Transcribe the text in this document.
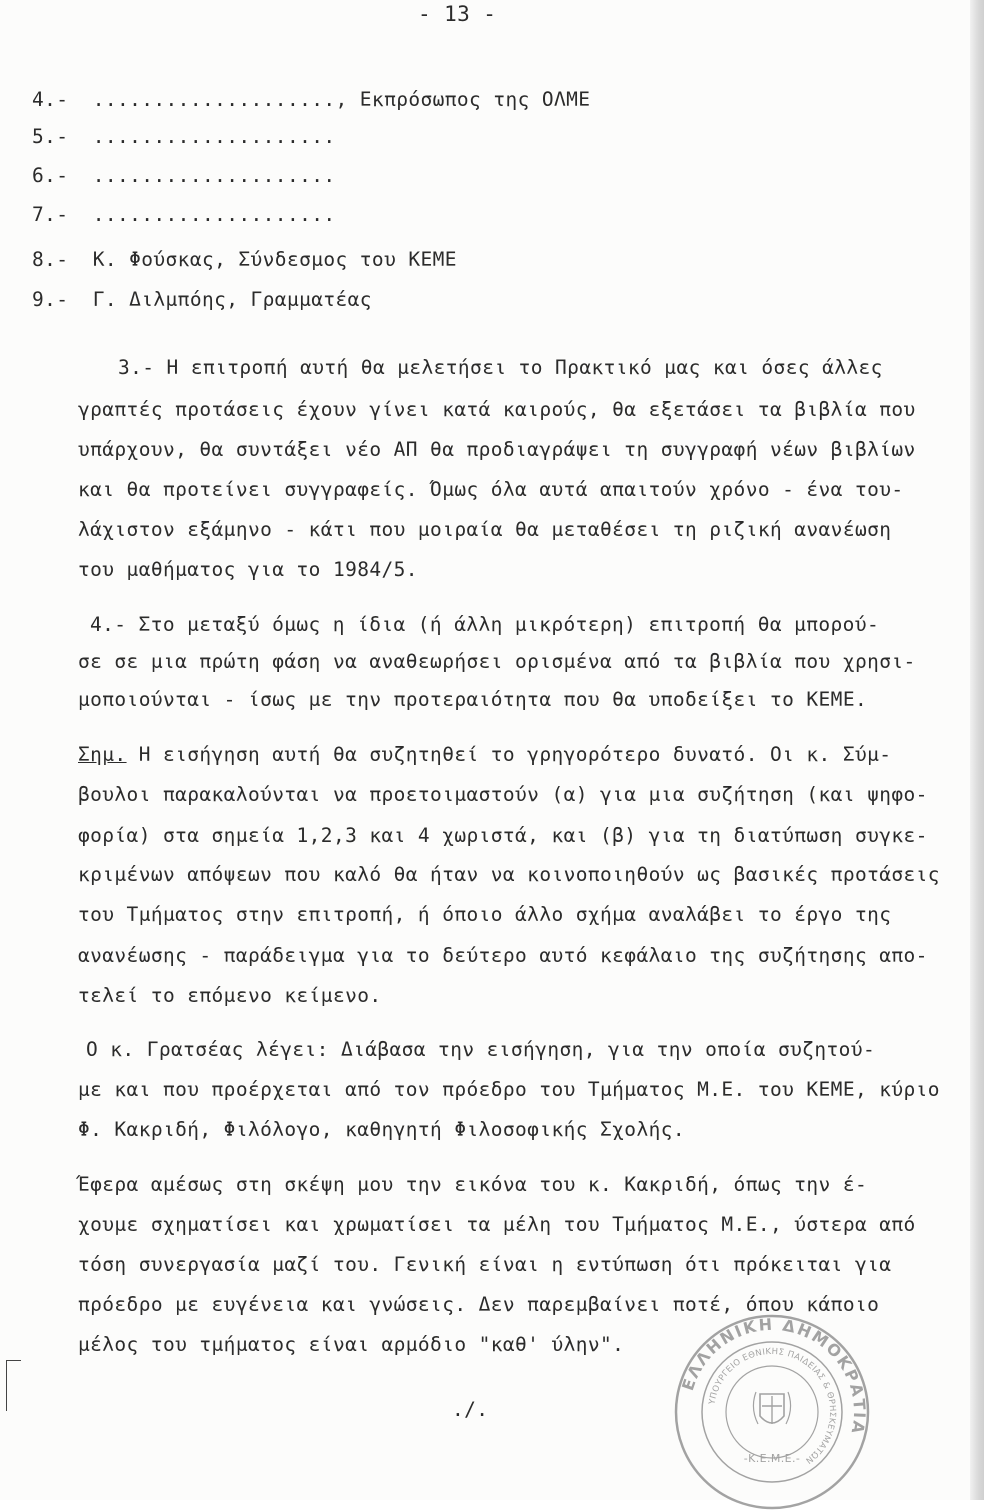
- 13 -
4.- ...................., Εκπρόσωπος της ΟΛΜΕ
5.- ....................
6.- ....................
7.- ....................
8.- Κ. Φούσκας, Σύνδεσμος του ΚΕΜΕ
9.- Γ. Διλμπόης, Γραμματέας
3.- Η επιτροπή αυτή θα μελετήσει το Πρακτικό μας και όσες άλλες
γραπτές προτάσεις έχουν γίνει κατά καιρούς, θα εξετάσει τα βιβλία που
υπάρχουν, θα συντάξει νέο ΑΠ θα προδιαγράψει τη συγγραφή νέων βιβλίων
και θα προτείνει συγγραφείς. Όμως όλα αυτά απαιτούν χρόνο - ένα του-
λάχιστον εξάμηνο - κάτι που μοιραία θα μεταθέσει τη ριζική ανανέωση
του μαθήματος για το 1984/5.
4.- Στο μεταξύ όμως η ίδια (ή άλλη μικρότερη) επιτροπή θα μπορού-
σε σε μια πρώτη φάση να αναθεωρήσει ορισμένα από τα βιβλία που χρησι-
μοποιούνται - ίσως με την προτεραιότητα που θα υποδείξει το ΚΕΜΕ.
Σημ. Η εισήγηση αυτή θα συζητηθεί το γρηγορότερο δυνατό. Οι κ. Σύμ-
βουλοι παρακαλούνται να προετοιμαστούν (α) για μια συζήτηση (και ψηφο-
φορία) στα σημεία 1,2,3 και 4 χωριστά, και (β) για τη διατύπωση συγκε-
κριμένων απόψεων που καλό θα ήταν να κοινοποιηθούν ως βασικές προτάσεις
του Τμήματος στην επιτροπή, ή όποιο άλλο σχήμα αναλάβει το έργο της
ανανέωσης - παράδειγμα για το δεύτερο αυτό κεφάλαιο της συζήτησης απο-
τελεί το επόμενο κείμενο.
Ο κ. Γρατσέας λέγει: Διάβασα την εισήγηση, για την οποία συζητού-
με και που προέρχεται από τον πρόεδρο του Τμήματος Μ.Ε. του ΚΕΜΕ, κύριο
Φ. Κακριδή, Φιλόλογο, καθηγητή Φιλοσοφικής Σχολής.
Έφερα αμέσως στη σκέψη μου την εικόνα του κ. Κακριδή, όπως την έ-
χουμε σχηματίσει και χρωματίσει τα μέλη του Τμήματος Μ.Ε., ύστερα από
τόση συνεργασία μαζί του. Γενική είναι η εντύπωση ότι πρόκειται για
πρόεδρο με ευγένεια και γνώσεις. Δεν παρεμβαίνει ποτέ, όπου κάποιο
μέλος του τμήματος είναι αρμόδιο "καθ' ύλην".
./.
ΕΛΛΗΝΙΚΗ ΔΗΜΟΚΡΑΤΙΑ
ΥΠΟΥΡΓΕΙΟ ΕΘΝΙΚΗΣ ΠΑΙΔΕΙΑΣ & ΘΡΗΣΚΕΥΜΑΤΩΝ
-Κ.Ε.Μ.Ε.-
